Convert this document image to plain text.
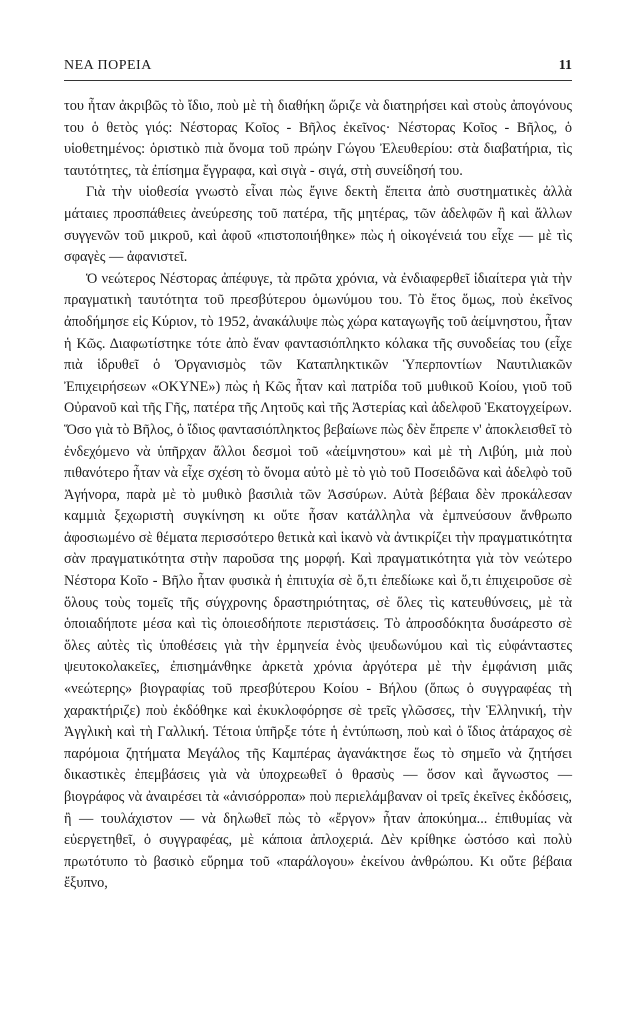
ΝΕΑ ΠΟΡΕΙΑ	11

του ἦταν ἀκριβῶς τὸ ἴδιο, ποὺ μὲ τὴ διαθήκη ὥριζε νὰ διατηρήσει καὶ στοὺς ἀπογόνους του ὁ θετὸς γιός: Νέστορας Κοῖος - Βῆλος ἐκεῖνος· Νέστορας Κοῖος - Βῆλος, ὁ υἱοθετημένος: ὁριστικὸ πιὰ ὄνομα τοῦ πρώην Γώγου Ἐλευθερίου: στὰ διαβατήρια, τὶς ταυτότητες, τὰ ἐπίσημα ἔγγραφα, καὶ σιγὰ - σιγά, στὴ συνείδησή του.

Γιὰ τὴν υἱοθεσία γνωστὸ εἶναι πὼς ἔγινε δεκτὴ ἔπειτα ἀπὸ συστηματικὲς ἀλλὰ μάταιες προσπάθειες ἀνεύρεσης τοῦ πατέρα, τῆς μητέρας, τῶν ἀδελφῶν ἢ καὶ ἄλλων συγγενῶν τοῦ μικροῦ, καὶ ἀφοῦ «πιστοποιήθηκε» πὼς ἡ οἰκογένειά του εἶχε — μὲ τὶς σφαγὲς — ἀφανιστεῖ.

Ὁ νεώτερος Νέστορας ἀπέφυγε, τὰ πρῶτα χρόνια, νὰ ἐνδιαφερθεῖ ἰδιαίτερα γιὰ τὴν πραγματικὴ ταυτότητα τοῦ πρεσβύτερου ὁμωνύμου του. Τὸ ἔτος ὅμως, ποὺ ἐκεῖνος ἀποδήμησε εἰς Κύριον, τὸ 1952, ἀνακάλυψε πὼς χώρα καταγωγῆς τοῦ ἀείμνηστου, ἦταν ἡ Κῶς. Διαφωτίστηκε τότε ἀπὸ ἕναν φαντασιόπληκτο κόλακα τῆς συνοδείας του (εἶχε πιὰ ἱδρυθεῖ ὁ Ὀργανισμὸς τῶν Καταπληκτικῶν Ὑπερποντίων Ναυτιλιακῶν Ἐπιχειρήσεων «ΟΚΥΝΕ») πὼς ἡ Κῶς ἦταν καὶ πατρίδα τοῦ μυθικοῦ Κοίου, γιοῦ τοῦ Οὐρανοῦ καὶ τῆς Γῆς, πατέρα τῆς Λητοῦς καὶ τῆς Ἀστερίας καὶ ἀδελφοῦ Ἑκατογχείρων. Ὅσο γιὰ τὸ Βῆλος, ὁ ἴδιος φαντασιόπληκτος βεβαίωνε πὼς δὲν ἔπρεπε ν' ἀποκλεισθεῖ τὸ ἐνδεχόμενο νὰ ὑπῆρχαν ἄλλοι δεσμοὶ τοῦ «ἀείμνηστου» καὶ μὲ τὴ Λιβύη, μιὰ ποὺ πιθανότερο ἦταν νὰ εἶχε σχέση τὸ ὄνομα αὐτὸ μὲ τὸ γιὸ τοῦ Ποσειδῶνα καὶ ἀδελφὸ τοῦ Ἀγήνορα, παρὰ μὲ τὸ μυθικὸ βασιλιὰ τῶν Ἀσσύρων. Αὐτὰ βέβαια δὲν προκάλεσαν καμμιὰ ξεχωριστὴ συγκίνηση κι οὔτε ἦσαν κατάλληλα νὰ ἐμπνεύσουν ἄνθρωπο ἀφοσιωμένο σὲ θέματα περισσότερο θετικὰ καὶ ἱκανὸ νὰ ἀντικρίζει τὴν πραγματικότητα σὰν πραγματικότητα στὴν παροῦσα της μορφή. Καὶ πραγματικότητα γιὰ τὸν νεώτερο Νέστορα Κοῖο - Βῆλο ἦταν φυσικὰ ἡ ἐπιτυχία σὲ ὅ,τι ἐπεδίωκε καὶ ὅ,τι ἐπιχειροῦσε σὲ ὅλους τοὺς τομεῖς τῆς σύγχρονης δραστηριότητας, σὲ ὅλες τὶς κατευθύνσεις, μὲ τὰ ὁποιαδήποτε μέσα καὶ τὶς ὁποιεσδήποτε περιστάσεις. Τὸ ἀπροσδόκητα δυσάρεστο σὲ ὅλες αὐτὲς τὶς ὑποθέσεις γιὰ τὴν ἑρμηνεία ἑνὸς ψευδωνύμου καὶ τὶς εὐφάνταστες ψευτοκολακεῖες, ἐπισημάνθηκε ἀρκετὰ χρόνια ἀργότερα μὲ τὴν ἐμφάνιση μιᾶς «νεώτερης» βιογραφίας τοῦ πρεσβύτερου Κοίου - Βήλου (ὅπως ὁ συγγραφέας τὴ χαρακτήριζε) ποὺ ἐκδόθηκε καὶ ἐκυκλοφόρησε σὲ τρεῖς γλῶσσες, τὴν Ἑλληνική, τὴν Ἀγγλικὴ καὶ τὴ Γαλλική. Τέτοια ὑπῆρξε τότε ἡ ἐντύπωση, ποὺ καὶ ὁ ἴδιος ἀτάραχος σὲ παρόμοια ζητήματα Μεγάλος τῆς Καμπέρας ἀγανάκτησε ἕως τὸ σημεῖο νὰ ζητήσει δικαστικὲς ἐπεμβάσεις γιὰ νὰ ὑποχρεωθεῖ ὁ θρασὺς — ὅσον καὶ ἄγνωστος — βιογράφος νὰ ἀναιρέσει τὰ «ἀνισόρροπα» ποὺ περιελάμβαναν οἱ τρεῖς ἐκεῖνες ἐκδόσεις, ἢ — τουλάχιστον — νὰ δηλωθεῖ πὼς τὸ «ἔργον» ἦταν ἀποκύημα... ἐπιθυμίας νὰ εὐεργετηθεῖ, ὁ συγγραφέας, μὲ κάποια ἀπλοχεριά. Δὲν κρίθηκε ὡστόσο καὶ πολὺ πρωτότυπο τὸ βασικὸ εὕρημα τοῦ «παράλογου» ἐκείνου ἀνθρώπου. Κι οὔτε βέβαια ἔξυπνο,
